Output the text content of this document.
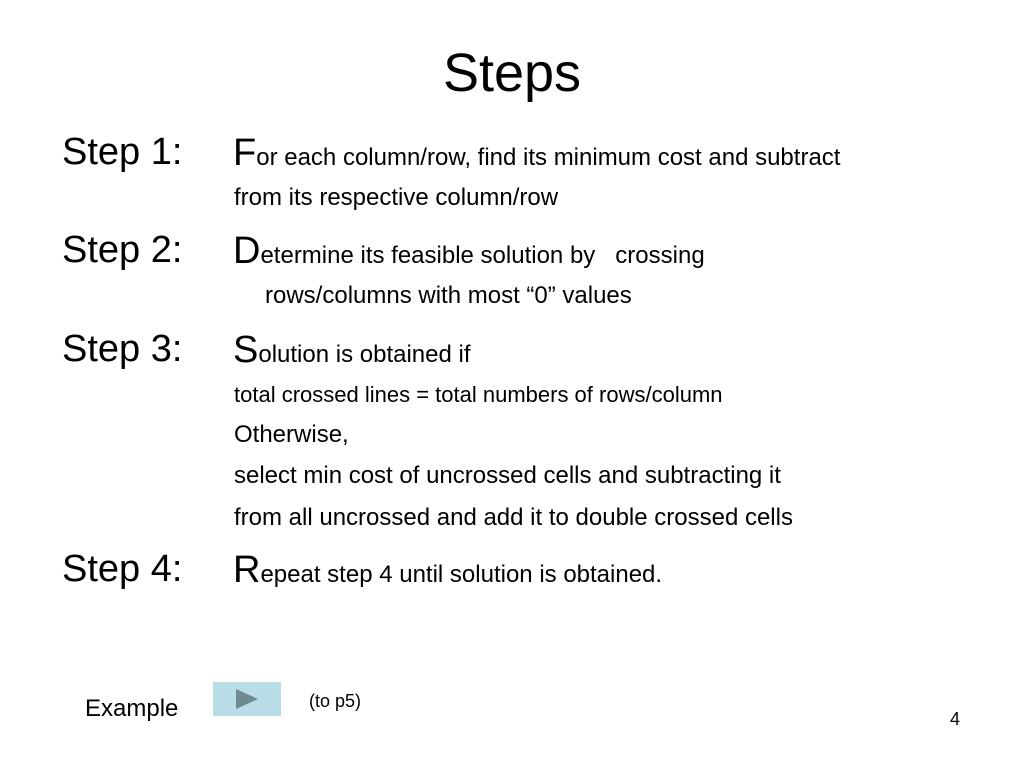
Steps
Step 1: For each column/row, find its minimum cost and subtract
from its respective column/row
Step 2: Determine its feasible solution by   crossing
rows/columns with most “0” values
Step 3: Solution is obtained if
total crossed lines = total numbers of rows/column
Otherwise,
select min cost of uncrossed cells and subtracting it
from all uncrossed and add it to double crossed cells
Step 4: Repeat step 4 until solution is obtained.
Example	(to p5)
4
